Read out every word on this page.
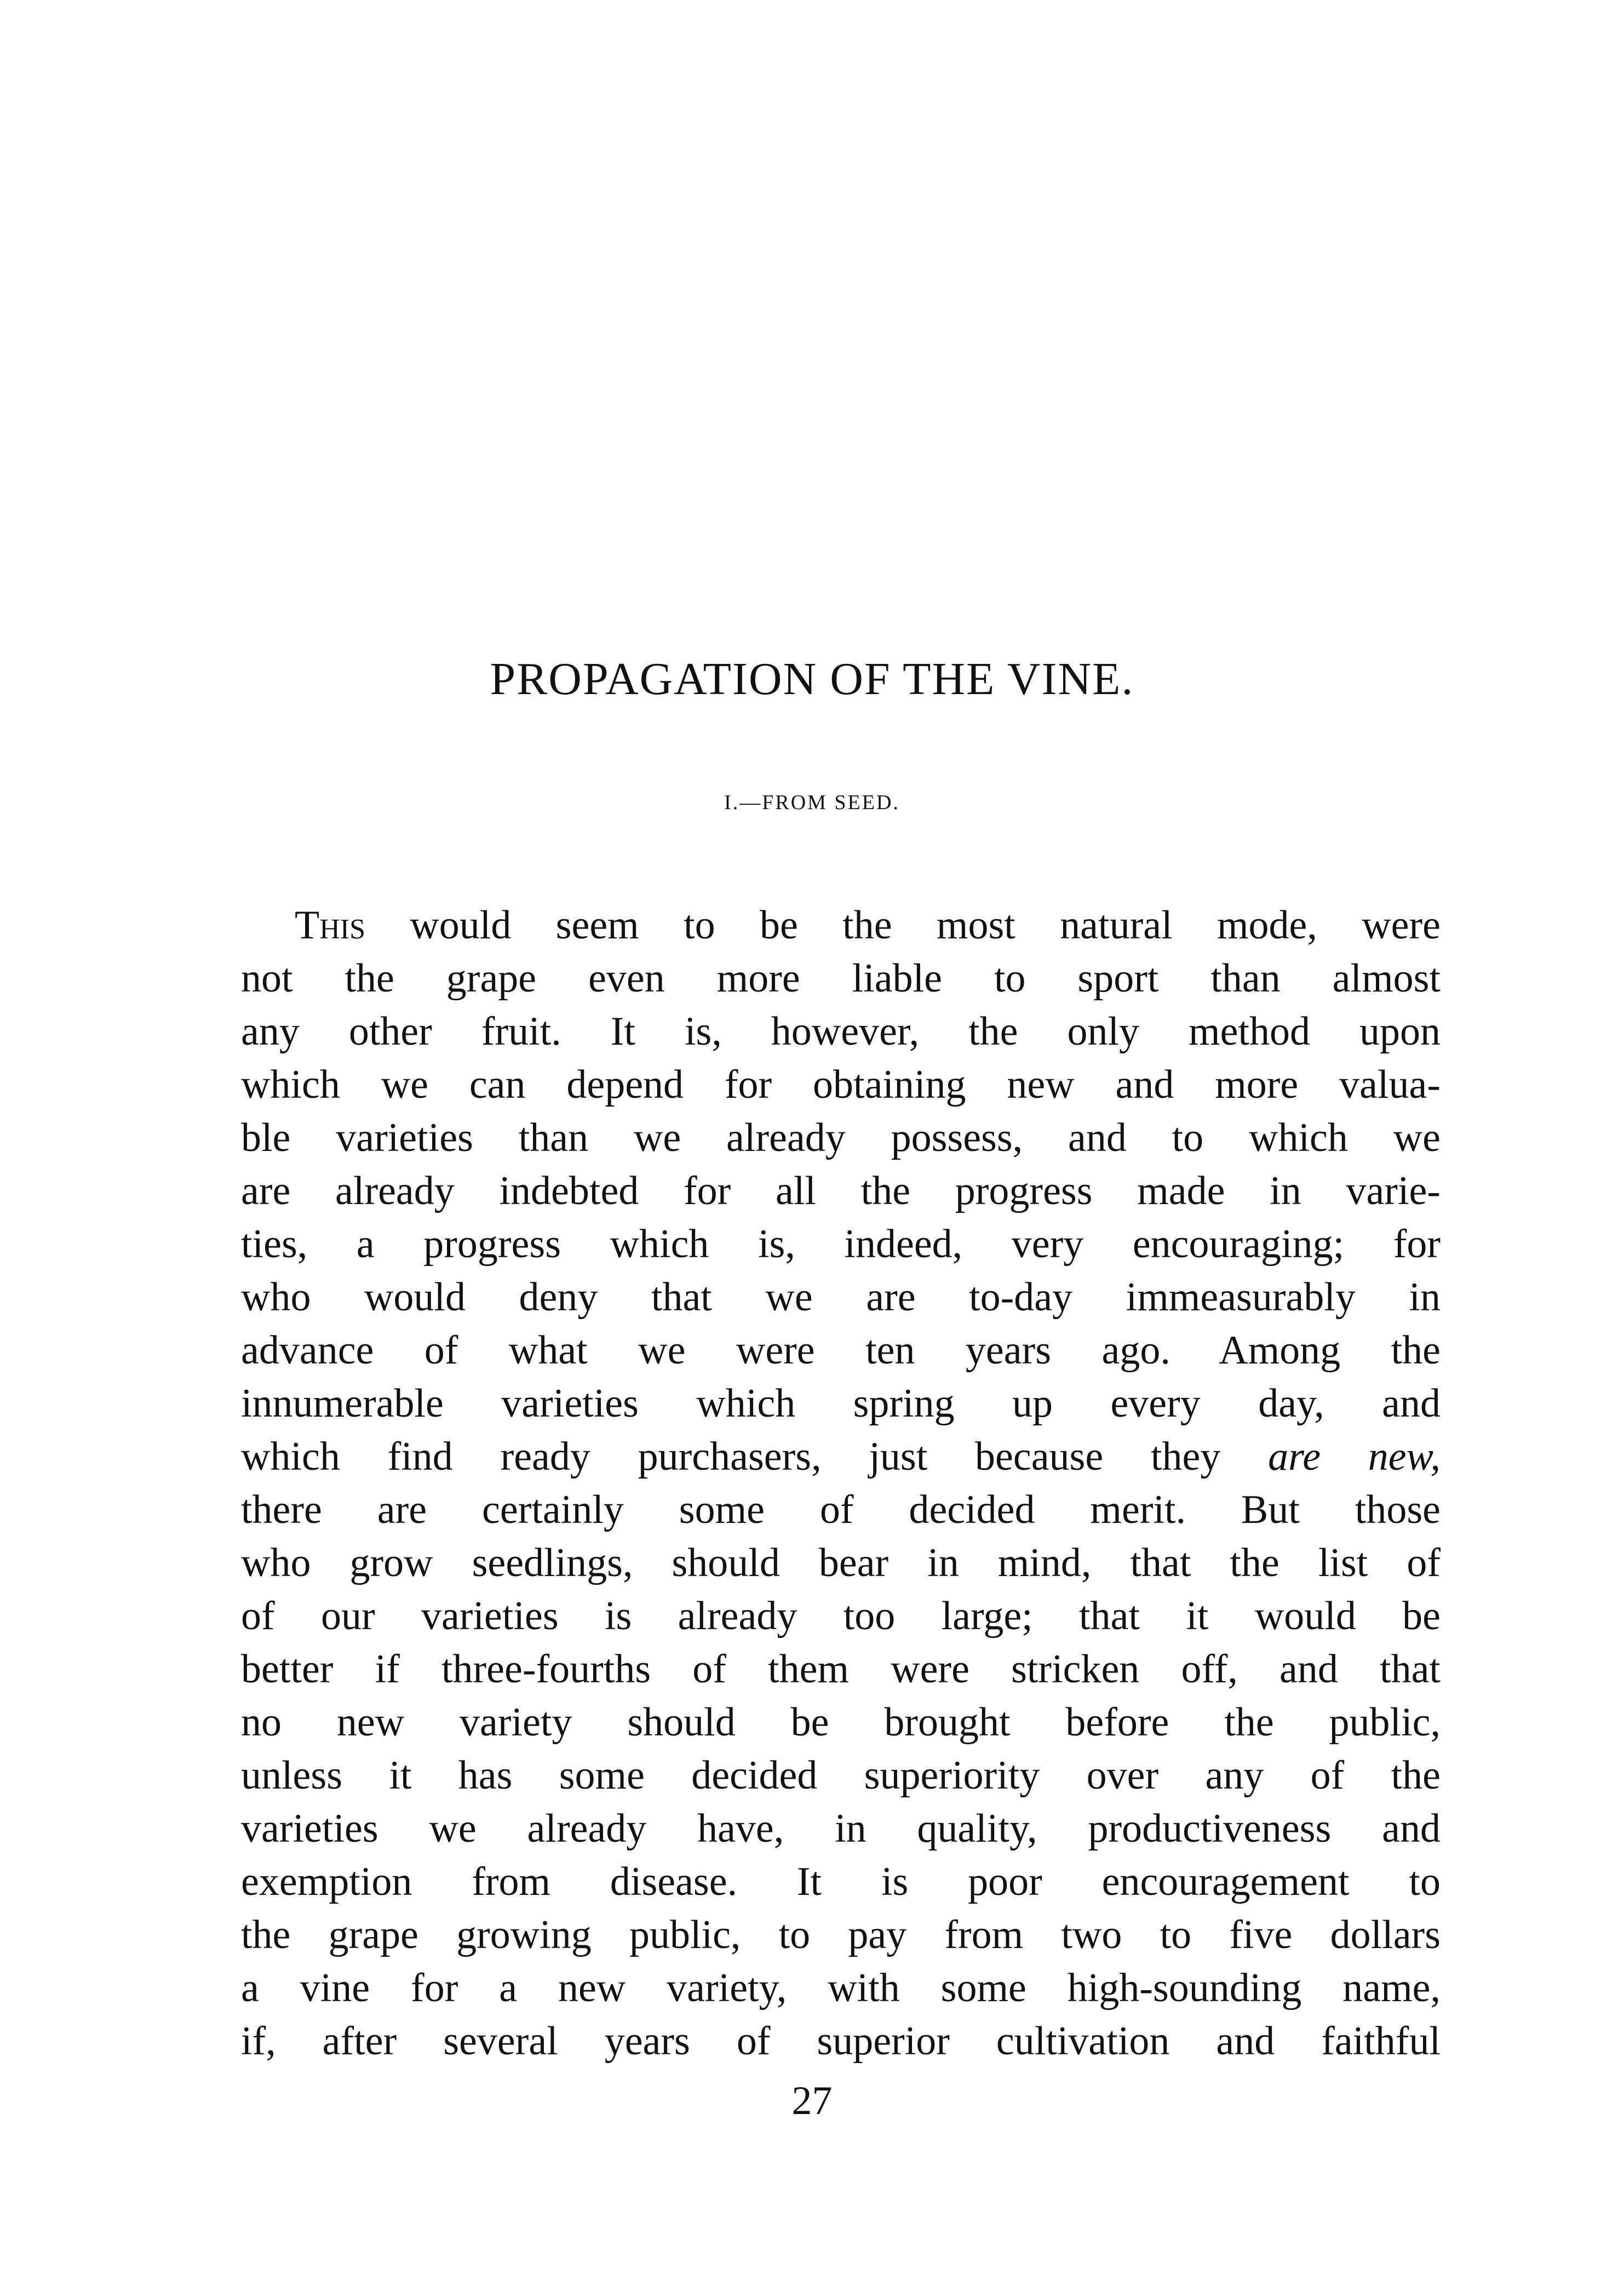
PROPAGATION OF THE VINE.
I.—FROM SEED.
This would seem to be the most natural mode, were
not the grape even more liable to sport than almost
any other fruit. It is, however, the only method upon
which we can depend for obtaining new and more valua-
ble varieties than we already possess, and to which we
are already indebted for all the progress made in varie-
ties, a progress which is, indeed, very encouraging; for
who would deny that we are to-day immeasurably in
advance of what we were ten years ago. Among the
innumerable varieties which spring up every day, and
which find ready purchasers, just because they are new,
there are certainly some of decided merit. But those
who grow seedlings, should bear in mind, that the list of
of our varieties is already too large; that it would be
better if three-fourths of them were stricken off, and that
no new variety should be brought before the public,
unless it has some decided superiority over any of the
varieties we already have, in quality, productiveness and
exemption from disease. It is poor encouragement to
the grape growing public, to pay from two to five dollars
a vine for a new variety, with some high-sounding name,
if, after several years of superior cultivation and faithful
27
